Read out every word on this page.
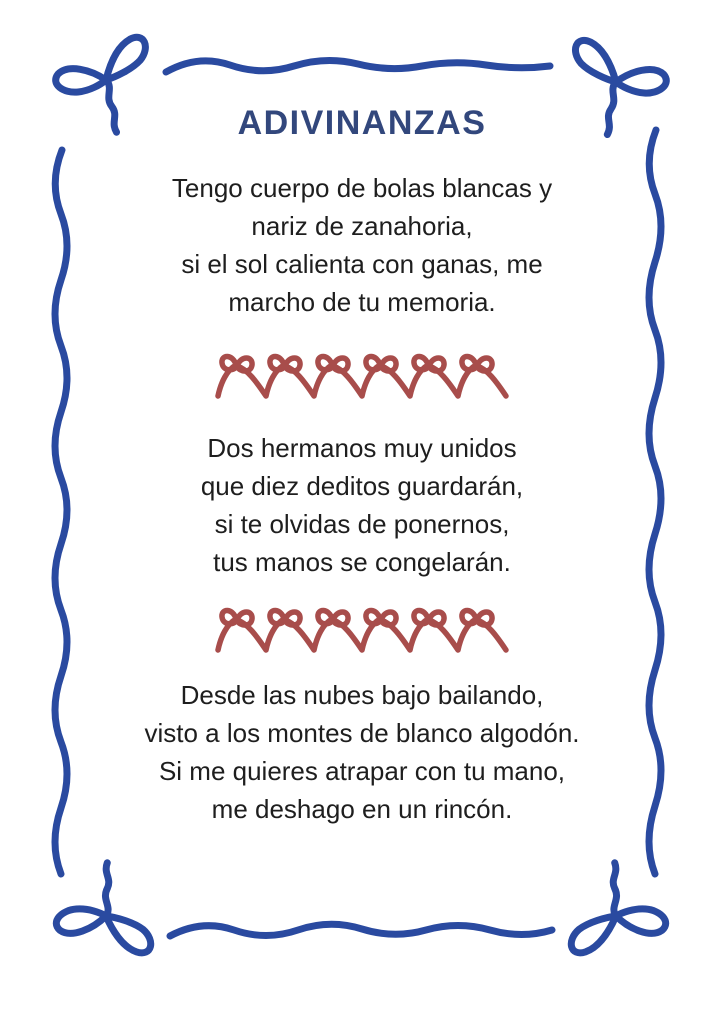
ADIVINANZAS
Tengo cuerpo de bolas blancas y
nariz de zanahoria,
si el sol calienta con ganas, me
marcho de tu memoria.
Dos hermanos muy unidos
que diez deditos guardarán,
si te olvidas de ponernos,
tus manos se congelarán.
Desde las nubes bajo bailando,
visto a los montes de blanco algodón.
Si me quieres atrapar con tu mano,
me deshago en un rincón.
